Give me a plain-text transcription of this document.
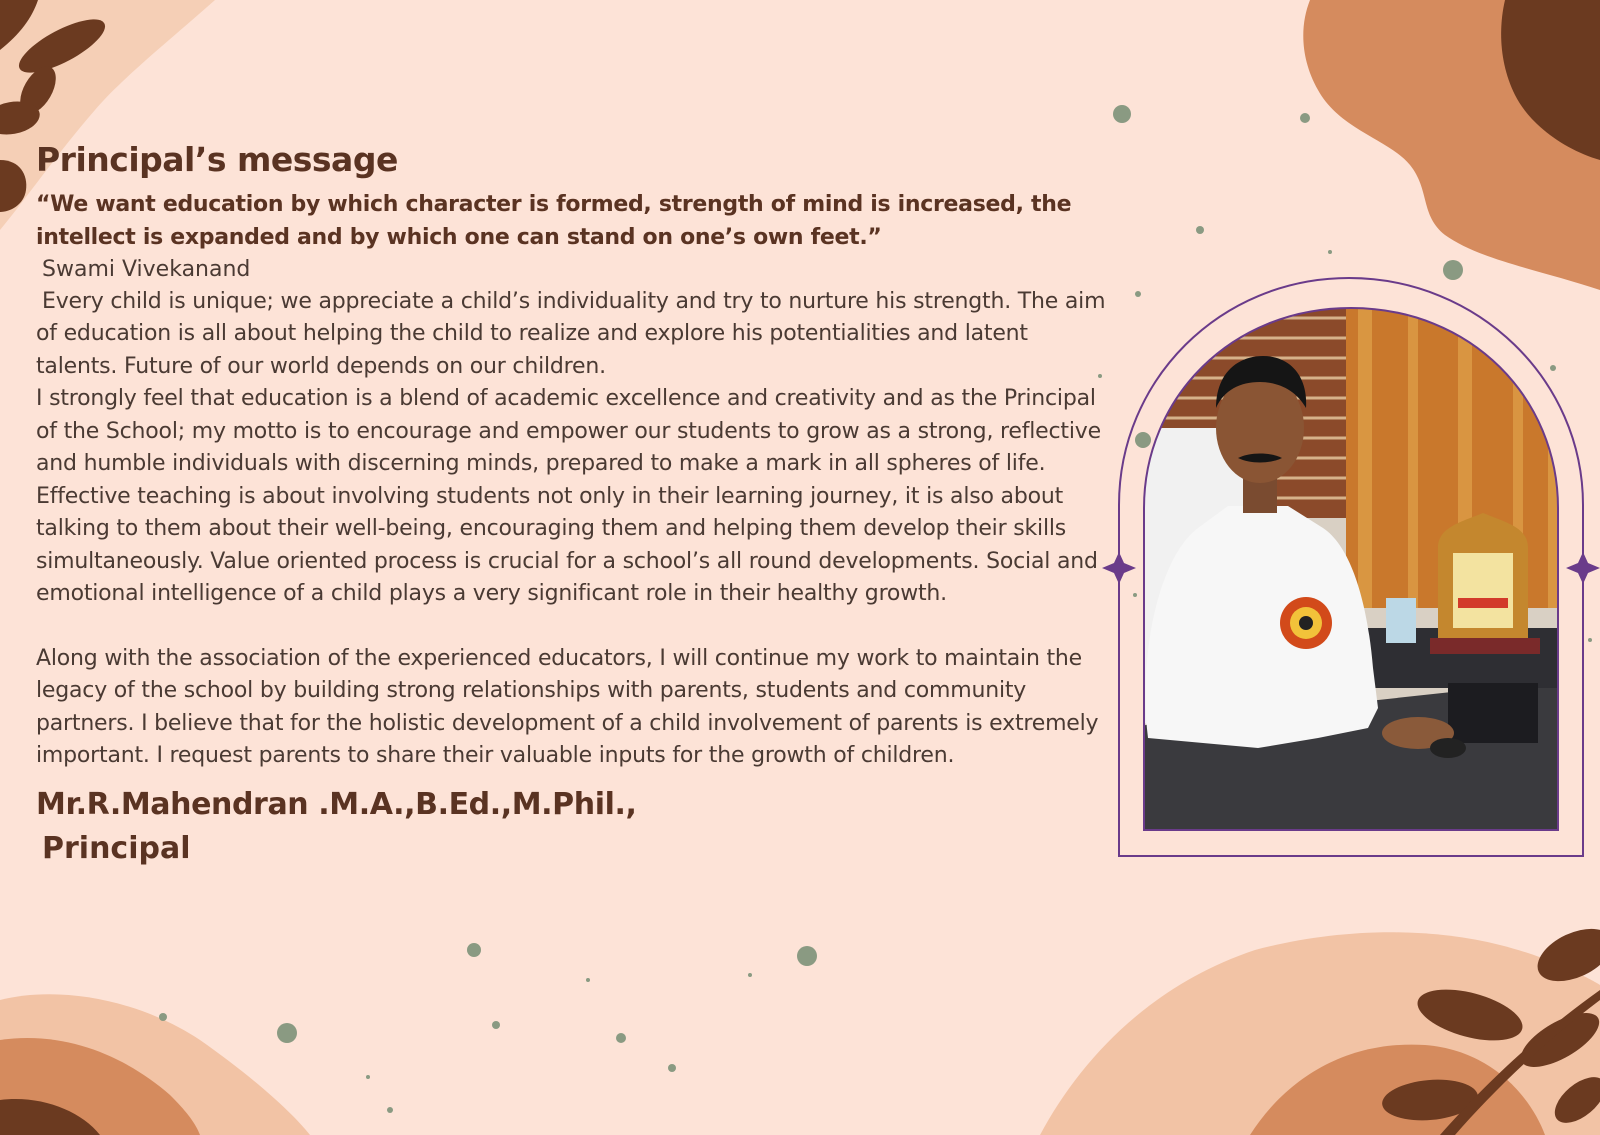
Principal’s message

“We want education by which character is formed, strength of mind is increased, the intellect is expanded and by which one can stand on one’s own feet.”

Swami Vivekanand

Every child is unique; we appreciate a child’s individuality and try to nurture his strength. The aim of education is all about helping the child to realize and explore his potentialities and latent talents. Future of our world depends on our children.

I strongly feel that education is a blend of academic excellence and creativity and as the Principal of the School; my motto is to encourage and empower our students to grow as a strong, reflective and humble individuals with discerning minds, prepared to make a mark in all spheres of life. Effective teaching is about involving students not only in their learning journey, it is also about talking to them about their well-being, encouraging them and helping them develop their skills simultaneously. Value oriented process is crucial for a school’s all round developments. Social and emotional intelligence of a child plays a very significant role in their healthy growth.

Along with the association of the experienced educators, I will continue my work to maintain the legacy of the school by building strong relationships with parents, students and community partners. I believe that for the holistic development of a child involvement of parents is extremely important. I request parents to share their valuable inputs for the growth of children.

Mr.R.Mahendran .M.A.,B.Ed.,M.Phil.,

Principal
